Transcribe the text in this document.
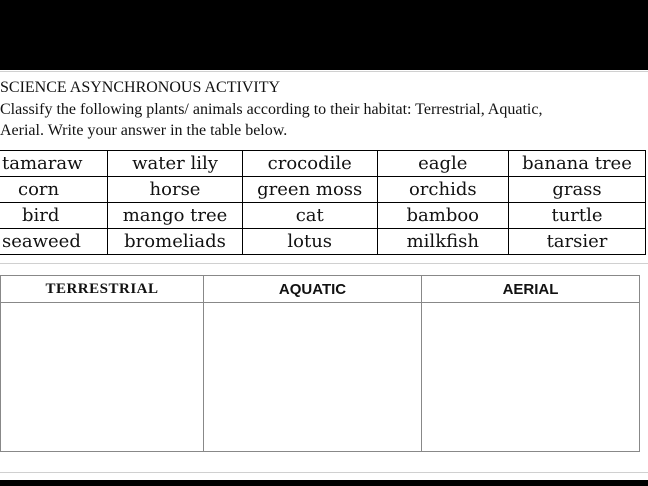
SCIENCE ASYNCHRONOUS ACTIVITY
Classify the following plants/ animals according to their habitat: Terrestrial, Aquatic,
Aerial. Write your answer in the table below.
tamaraw	water lily	crocodile	eagle	banana tree
corn	horse	green moss	orchids	grass
bird	mango tree	cat	bamboo	turtle
seaweed	bromeliads	lotus	milkfish	tarsier
TERRESTRIAL	AQUATIC	AERIAL
